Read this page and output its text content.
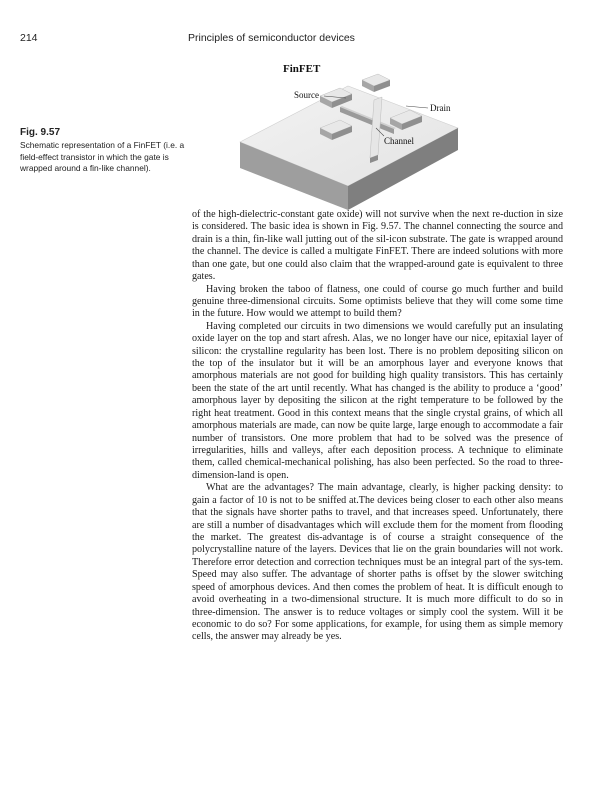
214	Principles of semiconductor devices
FinFET
Source
Drain
Channel
Fig. 9.57
Schematic representation of a FinFET (i.e. a field-effect transistor in which the gate is wrapped around a fin-like channel).

of the high-dielectric-constant gate oxide) will not survive when the next re-duction in size is considered. The basic idea is shown in Fig. 9.57. The channel connecting the source and drain is a thin, fin-like wall jutting out of the sil-icon substrate. The gate is wrapped around the channel. The device is called a multigate FinFET. There are indeed solutions with more than one gate, but one could also claim that the wrapped-around gate is equivalent to three gates.

Having broken the taboo of flatness, one could of course go much further and build genuine three-dimensional circuits. Some optimists believe that they will come some time in the future. How would we attempt to build them?

Having completed our circuits in two dimensions we would carefully put an insulating oxide layer on the top and start afresh. Alas, we no longer have our nice, epitaxial layer of silicon: the crystalline regularity has been lost. There is no problem depositing silicon on the top of the insulator but it will be an amorphous layer and everyone knows that amorphous materials are not good for building high quality transistors. This has certainly been the state of the art until recently. What has changed is the ability to produce a ‘good’ amorphous layer by depositing the silicon at the right temperature to be followed by the right heat treatment. Good in this context means that the single crystal grains, of which all amorphous materials are made, can now be quite large, large enough to accommodate a fair number of transistors. One more problem that had to be solved was the presence of irregularities, hills and valleys, after each deposition process. A technique to eliminate them, called chemical-mechanical polishing, has also been perfected. So the road to three-dimension-land is open.

What are the advantages? The main advantage, clearly, is higher packing density: to gain a factor of 10 is not to be sniffed at.The devices being closer to each other also means that the signals have shorter paths to travel, and that increases speed. Unfortunately, there are still a number of disadvantages which will exclude them for the moment from flooding the market. The greatest dis-advantage is of course a straight consequence of the polycrystalline nature of the layers. Devices that lie on the grain boundaries will not work. Therefore error detection and correction techniques must be an integral part of the sys-tem. Speed may also suffer. The advantage of shorter paths is offset by the slower switching speed of amorphous devices. And then comes the problem of heat. It is difficult enough to avoid overheating in a two-dimensional structure. It is much more difficult to do so in three-dimension. The answer is to reduce voltages or simply cool the system. Will it be economic to do so? For some applications, for example, for using them as simple memory cells, the answer may already be yes.
